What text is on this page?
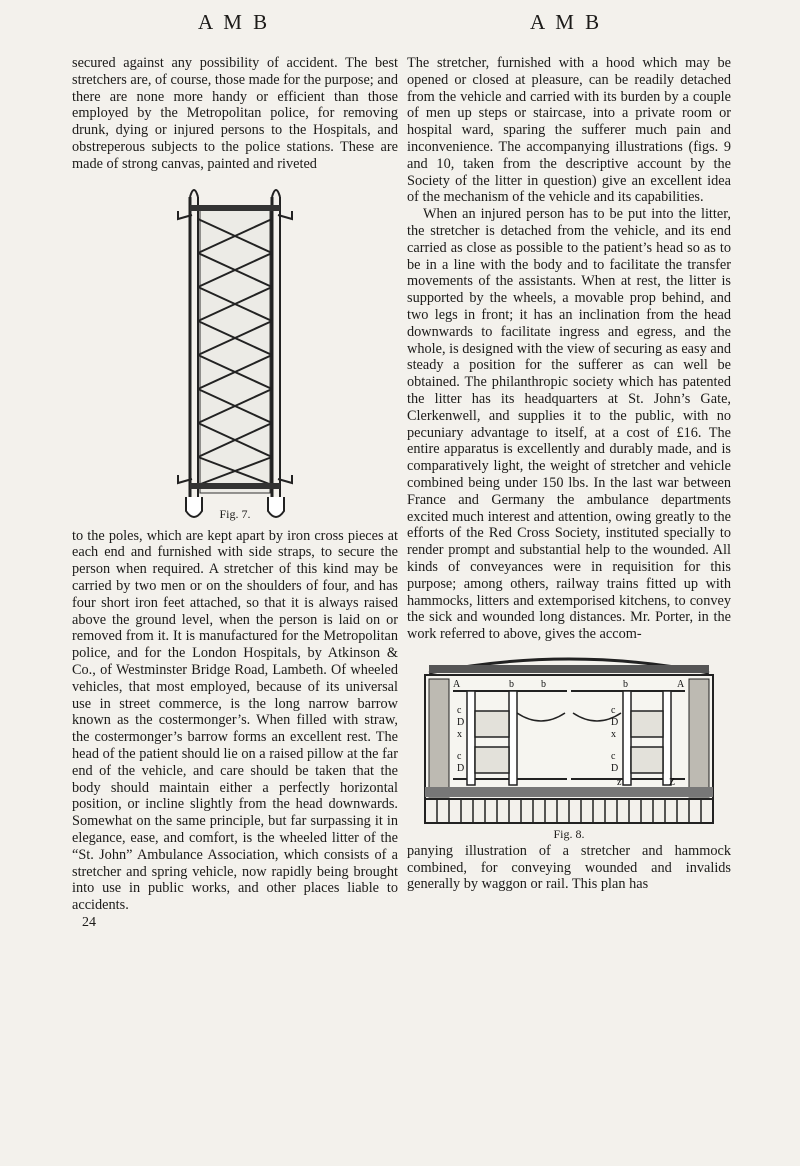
A M B	A M B

secured against any possibility of accident. The best stretchers are, of course, those made for the purpose; and there are none more handy or efficient than those employed by the Metropolitan police, for removing drunk, dying or injured persons to the Hospitals, and obstreperous subjects to the police stations. These are made of strong canvas, painted and riveted

Fig. 7.

to the poles, which are kept apart by iron cross pieces at each end and furnished with side straps, to secure the person when required. A stretcher of this kind may be carried by two men or on the shoulders of four, and has four short iron feet attached, so that it is always raised above the ground level, when the person is laid on or removed from it. It is manufactured for the Metropolitan police, and for the London Hospitals, by Atkinson & Co., of Westminster Bridge Road, Lambeth. Of wheeled vehicles, that most employed, because of its universal use in street commerce, is the long narrow barrow known as the costermonger’s. When filled with straw, the costermonger’s barrow forms an excellent rest. The head of the patient should lie on a raised pillow at the far end of the vehicle, and care should be taken that the body should maintain either a perfectly horizontal position, or incline slightly from the head downwards. Somewhat on the same principle, but far surpassing it in elegance, ease, and comfort, is the wheeled litter of the “St. John” Ambulance Association, which consists of a stretcher and spring vehicle, now rapidly being brought into use in public works, and other places liable to accidents.

24

The stretcher, furnished with a hood which may be opened or closed at pleasure, can be readily detached from the vehicle and carried with its burden by a couple of men up steps or staircase, into a private room or hospital ward, sparing the sufferer much pain and inconvenience. The accompanying illustrations (figs. 9 and 10, taken from the descriptive account by the Society of the litter in question) give an excellent idea of the mechanism of the vehicle and its capabilities.

When an injured person has to be put into the litter, the stretcher is detached from the vehicle, and its end carried as close as possible to the patient’s head so as to be in a line with the body and to facilitate the transfer movements of the assistants. When at rest, the litter is supported by the wheels, a movable prop behind, and two legs in front; it has an inclination from the head downwards to facilitate ingress and egress, and the whole, is designed with the view of securing as easy and steady a position for the sufferer as can well be obtained. The philanthropic society which has patented the litter has its headquarters at St. John’s Gate, Clerkenwell, and supplies it to the public, with no pecuniary advantage to itself, at a cost of £16. The entire apparatus is excellently and durably made, and is comparatively light, the weight of stretcher and vehicle combined being under 150 lbs. In the last war between France and Germany the ambulance departments excited much interest and attention, owing greatly to the efforts of the Red Cross Society, instituted specially to render prompt and substantial help to the wounded. All kinds of conveyances were in requisition for this purpose; among others, railway trains fitted up with hammocks, litters and extemporised kitchens, to convey the sick and wounded long distances. Mr. Porter, in the work referred to above, gives the accom-

A	A
b	b	b
c
D
x
c
D
c
D
x
c
D
z	Z

Fig. 8.

panying illustration of a stretcher and hammock combined, for conveying wounded and invalids generally by waggon or rail. This plan has
